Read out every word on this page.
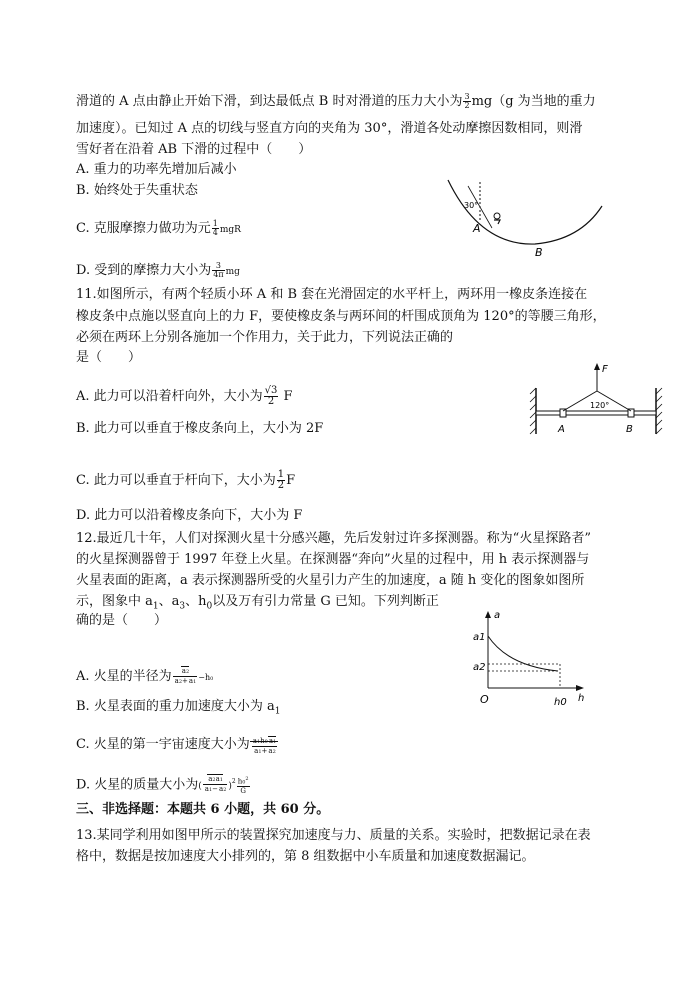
滑道的 A 点由静止开始下滑，到达最低点 B 时对滑道的压力大小为 $\frac{3}{2} mg(g$ 为当地的重力
加速度）。已知过 A 点的切线与竖直方向的夹角为 30°，滑道各处动摩擦因数相同，则滑
雪好者在沿着 AB 下滑的过程中（　　）
A. 重力的功率先增加后减小
B. 始终处于失重状态
C. 克服摩擦力做功为元 $\frac{1}{4}$ mgR
D. 受到的摩擦力大小为 $\frac{3}{4\pi}$ mg
30°
A
B
11.如图所示，有两个轻质小环 A 和 B 套在光滑固定的水平杆上，两环用一橡皮条连接在
橡皮条中点施以竖直向上的力 F，要使橡皮条与两环间的杆围成顶角为 120°的等腰三角形，
必须在两环上分别各施加一个作用力，关于此力，下列说法正确的
是（　　）
A. 此力可以沿着杆向外，大小为 $\frac{√3}{2}$ F
B. 此力可以垂直于橡皮条向上，大小为 2F
C. 此力可以垂直于杆向下，大小为 $\frac{1}{2}$ F
D. 此力可以沿着橡皮条向下，大小为 F
F
120°
A	B
12.最近几十年，人们对探测火星十分感兴趣，先后发射过许多探测器。称为“火星探路者”
的火星探测器曾于 1997 年登上火星。在探测器“奔向”火星的过程中，用 h 表示探测器与
火星表面的距离，a 表示探测器所受的火星引力产生的加速度，a 随 h 变化的图象如图所
示，图象中 $a_1$、$a_3$、$h_0$以及万有引力常量 G 已知。下列判断正
确的是（　　）
A. 火星的半径为 $\frac{a2}{a2+a1} -h0$
B. 火星表面的重力加速度大小为 $a_1$
C. 火星的第一宇宙速度大小为 $\frac{a1h0a1}{a1+a2}$
D. 火星的质量大小为( $\frac{a2a1}{a1-a2} )^2 \frac{h0^2}{G}$
a
a1
a2
O	h
h0
三、非选择题：本题共 6 小题，共 60 分。
13.某同学利用如图甲所示的装置探究加速度与力、质量的关系。实验时，把数据记录在表
格中，数据是按加速度大小排列的，第 8 组数据中小车质量和加速度数据漏记。
